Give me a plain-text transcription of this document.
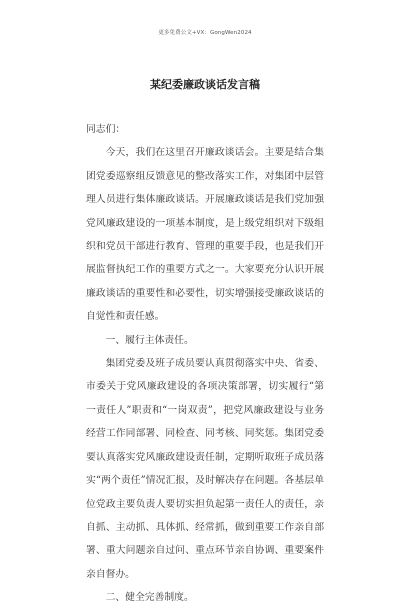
更多免费公文+VX：GongWen2024
某纪委廉政谈话发言稿

同志们：

今天，我们在这里召开廉政谈话会。主要是结合集团党委巡察组反馈意见的整改落实工作，对集团中层管理人员进行集体廉政谈话。开展廉政谈话是我们党加强党风廉政建设的一项基本制度，是上级党组织对下级组织和党员干部进行教育、管理的重要手段，也是我们开展监督执纪工作的重要方式之一。大家要充分认识开展廉政谈话的重要性和必要性，切实增强接受廉政谈话的自觉性和责任感。

一、履行主体责任。

集团党委及班子成员要认真贯彻落实中央、省委、市委关于党风廉政建设的各项决策部署，切实履行“第一责任人”职责和“一岗双责”，把党风廉政建设与业务经营工作同部署、同检查、同考核、同奖惩。集团党委要认真落实党风廉政建设责任制，定期听取班子成员落实“两个责任”情况汇报，及时解决存在问题。各基层单位党政主要负责人要切实担负起第一责任人的责任，亲自抓、主动抓、具体抓、经常抓，做到重要工作亲自部署、重大问题亲自过问、重点环节亲自协调、重要案件亲自督办。

二、健全完善制度。
